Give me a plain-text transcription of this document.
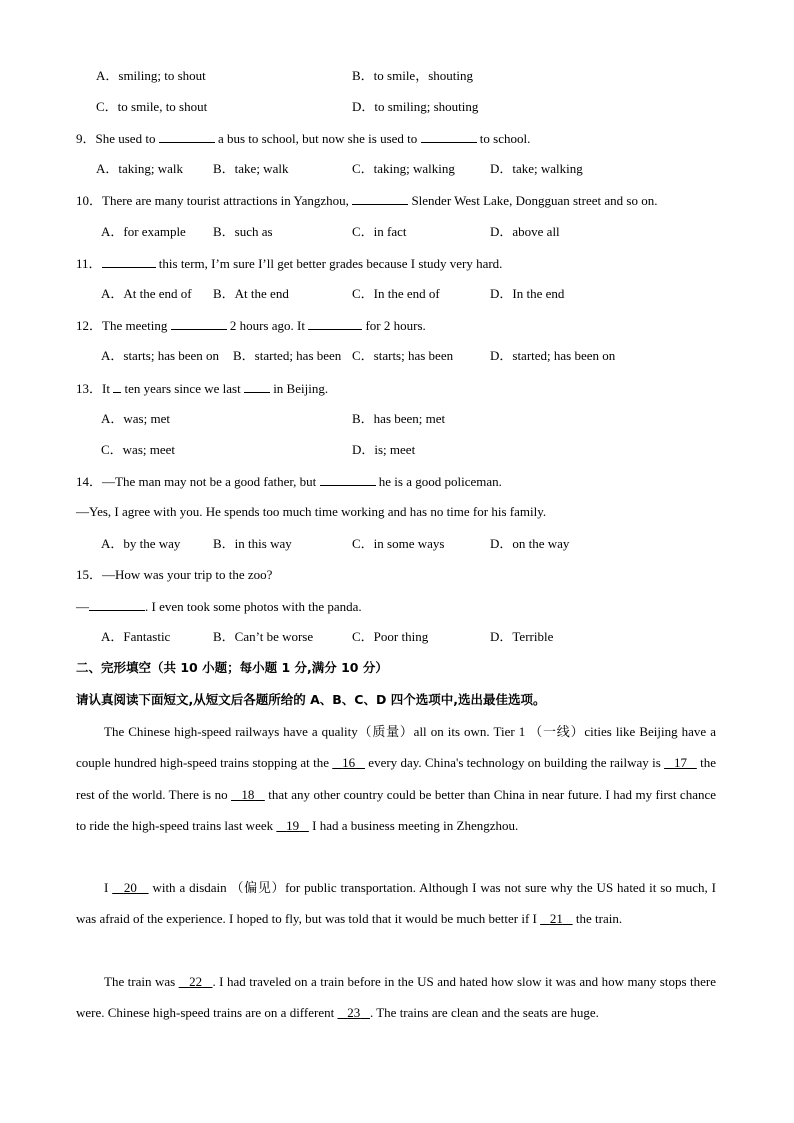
A．smiling; to shout	B．to smile，shouting
C．to smile, to shout	D．to smiling; shouting
9．She used to	a bus to school, but now she is used to	to school.
A．taking; walk B．take; walk	C．taking; walking	D．take; walking
10．There are many tourist attractions in Yangzhou,	Slender West Lake, Dongguan street and so on.
A．for example B．such as	C．in fact	D．above all
11．	this term, I’m sure I’ll get better grades because I study very hard.
A．At the end of B．At the end	C．In the end of	D．In the end
12．The meeting	2 hours ago. It	for 2 hours.
A．starts; has been on B．started; has been C．starts; has been	D．started; has been on
13．It  ten years since we last  in Beijing.
A．was; met	B．has been; met
C．was; meet	D．is; meet
14．—The man may not be a good father, but	he is a good policeman.
—Yes, I agree with you. He spends too much time working and has no time for his family.
A．by the way	B．in this way	C．in some ways	D．on the way
15．—How was your trip to the zoo?
—	. I even took some photos with the panda.
A．Fantastic	B．Can’t be worse	C．Poor thing	D．Terrible
二、完形填空（共 10 小题；每小题 1 分,满分 10 分）
请认真阅读下面短文,从短文后各题所给的 A、B、C、D 四个选项中,选出最佳选项。
The Chinese high-speed railways have a quality（质量）all on its own. Tier 1 （一线）cities like Beijing have a couple hundred high-speed trains stopping at the    16    every day. China's technology on building the railway is    17    the rest of the world. There is no    18    that any other country could be better than China in near future. I had my first chance to ride the high-speed trains last week    19    I had a business meeting in Zhengzhou.
I    20    with a disdain （偏见）for public transportation. Although I was not sure why the US hated it so much, I was afraid of the experience. I hoped to fly, but was told that it would be much better if I    21    the train.
The train was    22 . I had traveled on a train before in the US and hated how slow it was and how many stops there were. Chinese high-speed trains are on a different    23 . The trains are clean and the seats are huge.
